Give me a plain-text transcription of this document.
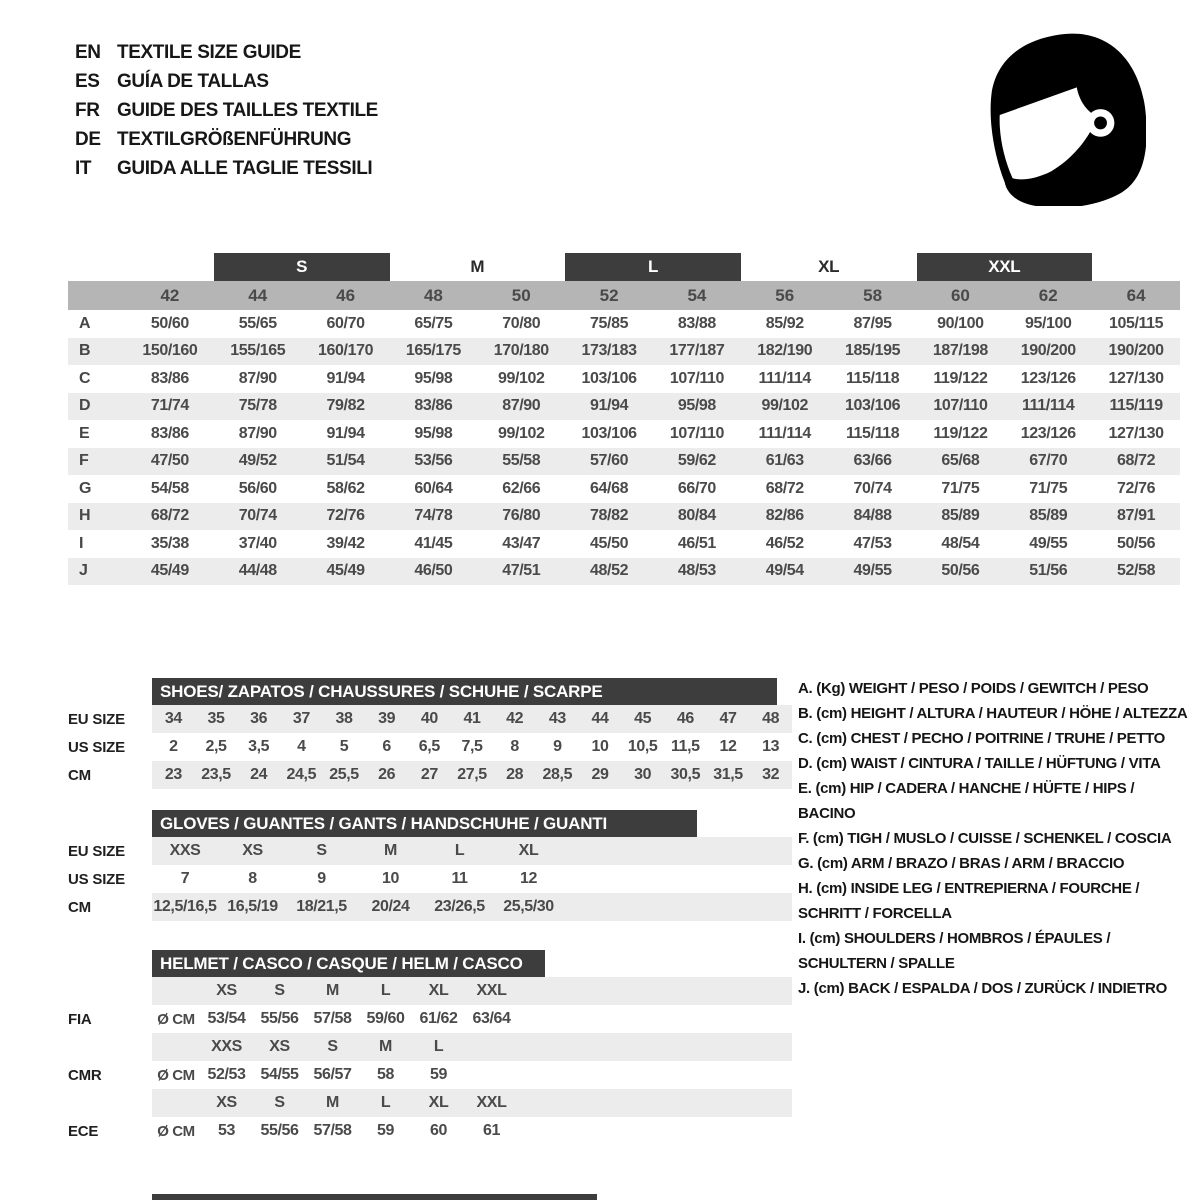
EN TEXTILE SIZE GUIDE
ES GUÍA DE TALLAS
FR GUIDE DES TAILLES TEXTILE
DE TEXTILGRÖßENFÜHRUNG
IT	GUIDA ALLE TAGLIE TESSILI
S	M	L	XL	XXL
42	44	46	48	50	52	54	56	58	60	62	64
A	50/60	55/65	60/70	65/75	70/80	75/85	83/88	85/92	87/95	90/100	95/100	105/115
B	150/160	155/165	160/170	165/175	170/180	173/183	177/187	182/190	185/195	187/198	190/200	190/200
C	83/86	87/90	91/94	95/98	99/102	103/106	107/110	111/114	115/118	119/122	123/126	127/130
D	71/74	75/78	79/82	83/86	87/90	91/94	95/98	99/102	103/106	107/110	111/114	115/119
E	83/86	87/90	91/94	95/98	99/102	103/106	107/110	111/114	115/118	119/122	123/126	127/130
F	47/50	49/52	51/54	53/56	55/58	57/60	59/62	61/63	63/66	65/68	67/70	68/72
G	54/58	56/60	58/62	60/64	62/66	64/68	66/70	68/72	70/74	71/75	71/75	72/76
H	68/72	70/74	72/76	74/78	76/80	78/82	80/84	82/86	84/88	85/89	85/89	87/91
I	35/38	37/40	39/42	41/45	43/47	45/50	46/51	46/52	47/53	48/54	49/55	50/56
J	45/49	44/48	45/49	46/50	47/51	48/52	48/53	49/54	49/55	50/56	51/56	52/58
SHOES/ ZAPATOS / CHAUSSURES / SCHUHE / SCARPE
EU SIZE	34	35	36	37	38	39	40	41	42	43	44	45	46	47	48
US SIZE	2	2,5	3,5	4	5	6	6,5	7,5	8	9	10	10,5 11,5	12	13
CM	23	23,5	24	24,5 25,5	26	27	27,5	28	28,5	29	30	30,5 31,5	32
GLOVES / GUANTES / GANTS / HANDSCHUHE / GUANTI
EU SIZE	XXS	XS	S	M	L	XL
US SIZE	7	8	9	10	11	12
CM	12,5/16,5 16,5/19	18/21,5	20/24	23/26,5	25,5/30
HELMET / CASCO / CASQUE / HELM / CASCO
XS	S	M	L	XL	XXL
FIA	Ø CM 53/54 55/56 57/58 59/60 61/62 63/64
XXS	XS	S	M	L
CMR	Ø CM 52/53 54/55 56/57	58	59
XS	S	M	L	XL	XXL
ECE	Ø CM	53	55/56 57/58	59	60	61
A. (Kg) WEIGHT / PESO / POIDS / GEWITCH / PESO
B. (cm) HEIGHT / ALTURA / HAUTEUR / HÖHE / ALTEZZA
C. (cm) CHEST / PECHO / POITRINE / TRUHE / PETTO
D. (cm) WAIST / CINTURA / TAILLE / HÜFTUNG / VITA
E. (cm) HIP / CADERA / HANCHE / HÜFTE / HIPS / BACINO
F. (cm) TIGH / MUSLO / CUISSE / SCHENKEL / COSCIA
G. (cm) ARM / BRAZO / BRAS / ARM / BRACCIO
H. (cm) INSIDE LEG / ENTREPIERNA / FOURCHE / SCHRITT / FORCELLA
I. (cm) SHOULDERS / HOMBROS / ÉPAULES / SCHULTERN / SPALLE
J. (cm) BACK / ESPALDA / DOS / ZURÜCK / INDIETRO
